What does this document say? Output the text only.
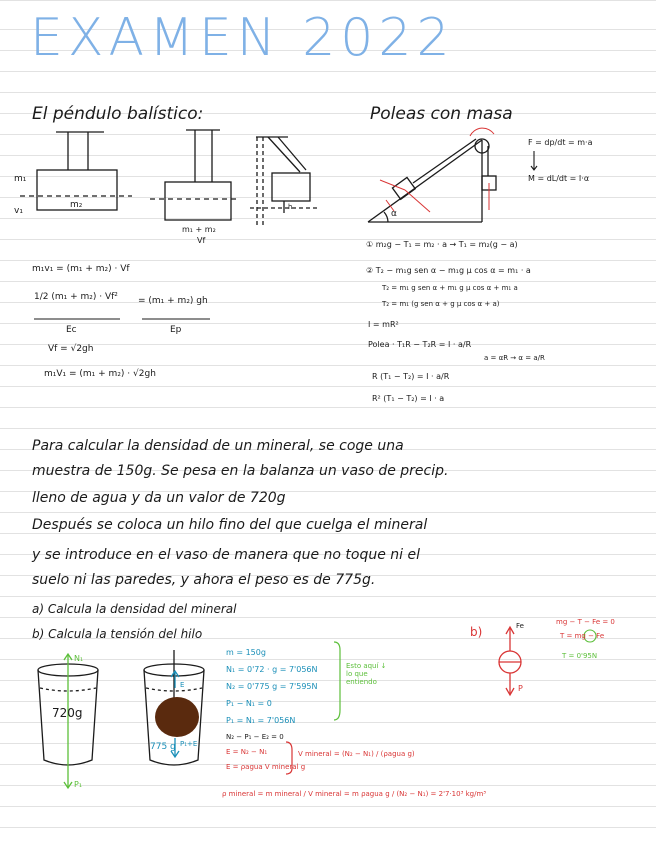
EXAMEN 2022
El péndulo balístico:
m₁
v₁
m₂
m₁ + m₂
Vf
h
m₁v₁ = (m₁ + m₂) · Vf
1/2 (m₁ + m₂) · Vf² = (m₁ + m₂) gh
Ec	Ep
Vf = √2gh
m₁V₁ = (m₁ + m₂) · √2gh
Poleas con masa
α
F = dp/dt = m·a
M = dL/dt = I·α
① m₂g − T₁ = m₂ · a → T₁ = m₂(g − a)
② T₂ − m₁g sen α − m₁g μ cos α = m₁ · a
T₂ = m₁ g sen α + m₁ g μ cos α + m₁ a
T₂ = m₁ (g sen α + g μ cos α + a)
I = mR²
Polea · T₁R − T₂R = I · a/R
a = αR → α = a/R
R (T₁ − T₂) = I · a/R
R² (T₁ − T₂) = I · a
Para calcular la densidad de un mineral, se coge una
muestra de 150g. Se pesa en la balanza un vaso de precip.
lleno de agua y da un valor de 720g
Después se coloca un hilo fino del que cuelga el mineral
y se introduce en el vaso de manera que no toque ni el
suelo ni las paredes, y ahora el peso es de 775g.
a) Calcula la densidad del mineral
b) Calcula la tensión del hilo
720g
N₁
P₁
775 g
E
P₁+E
m = 150g
N₁ = 0'72 · g = 7'056N
N₂ = 0'775 g = 7'595N
P₁ − N₁ = 0
P₁ = N₁ = 7'056N
Esto aquí ↓ lo que entiendo
N₂ − P₁ − E₂ = 0
E = N₂ − N₁
E = ρagua V mineral g
V mineral = (N₂ − N₁) / (ρagua g)
ρ mineral = m mineral / V mineral = m ρagua g / (N₂ − N₁) = 2'7·10³ kg/m³
b)	Fe
P
mg − T − Fe = 0
T = mg − Fe
T = 0'95N
